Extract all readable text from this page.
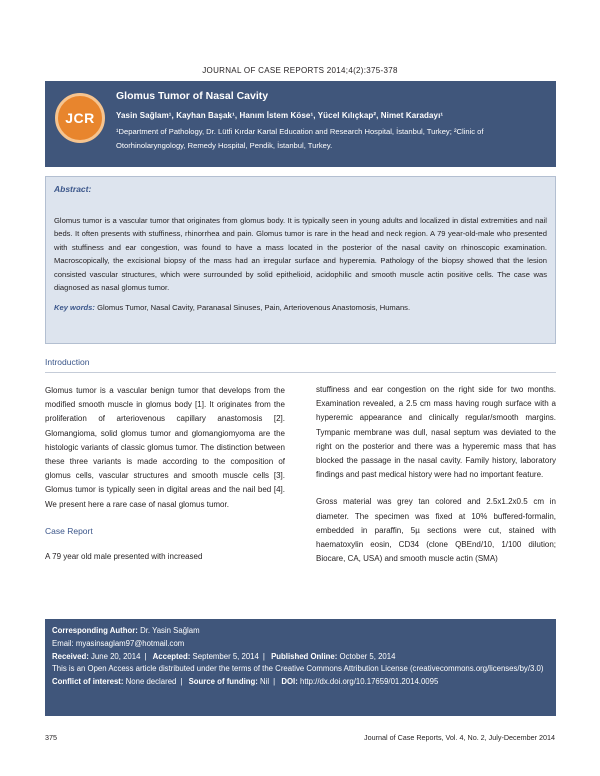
JOURNAL OF CASE REPORTS 2014;4(2):375-378
JCR
Glomus Tumor of Nasal Cavity
Yasin Sağlam¹, Kayhan Başak¹, Hanım İstem Köse¹, Yücel Kılıçkap², Nimet Karadayı¹
¹Department of Pathology, Dr. Lütfi Kırdar Kartal Education and Research Hospital, İstanbul, Turkey; ²Clinic of Otorhinolaryngology, Remedy Hospital, Pendik, İstanbul, Turkey.
Abstract:
Glomus tumor is a vascular tumor that originates from glomus body. It is typically seen in young adults and localized in distal extremities and nail beds. It often presents with stuffiness, rhinorrhea and pain. Glomus tumor is rare in the head and neck region. A 79 year-old-male who presented with stuffiness and ear congestion, was found to have a mass located in the posterior of the nasal cavity on rhinoscopic examination. Macroscopically, the excisional biopsy of the mass had an irregular surface and hyperemia. Pathology of the biopsy showed that the lesion consisted vascular structures, which were surrounded by solid epithelioid, acidophilic and smooth muscle actin positive cells. The case was diagnosed as nasal glomus tumor.
Key words: Glomus Tumor, Nasal Cavity, Paranasal Sinuses, Pain, Arteriovenous Anastomosis, Humans.
Introduction

Glomus tumor is a vascular benign tumor that develops from the modified smooth muscle in glomus body [1]. It originates from the proliferation of arteriovenous capillary anastomosis [2]. Glomangioma, solid glomus tumor and glomangiomyoma are the histologic variants of classic glomus tumor. The distinction between these three variants is made according to the composition of glomus cells, vascular structures and smooth muscle cells [3]. Glomus tumor is typically seen in digital areas and the nail bed [4]. We present here a rare case of nasal glomus tumor.

Case Report

A 79 year old male presented with increased

stuffiness and ear congestion on the right side for two months. Examination revealed, a 2.5 cm mass having rough surface with a hyperemic appearance and clinically regular/smooth margins. Tympanic membrane was dull, nasal septum was deviated to the right on the posterior and there was a hyperemic mass that has blocked the passage in the nasal cavity. Family history, laboratory findings and past medical history were had no important feature.

Gross material was grey tan colored and 2.5x1.2x0.5 cm in diameter. The specimen was fixed at 10% buffered-formalin, embedded in paraffin, 5µ sections were cut, stained with haematoxylin eosin, CD34 (clone QBEnd/10, 1/100 dilution; Biocare, CA, USA) and smooth muscle actin (SMA)

Corresponding Author: Dr. Yasin Sağlam
Email: myasinsaglam97@hotmail.com
Received: June 20, 2014 | Accepted: September 5, 2014 | Published Online: October 5, 2014
This is an Open Access article distributed under the terms of the Creative Commons Attribution License (creativecommons.org/licenses/by/3.0)
Conflict of interest: None declared | Source of funding: Nil | DOI: http://dx.doi.org/10.17659/01.2014.0095
375	Journal of Case Reports, Vol. 4, No. 2, July-December 2014
